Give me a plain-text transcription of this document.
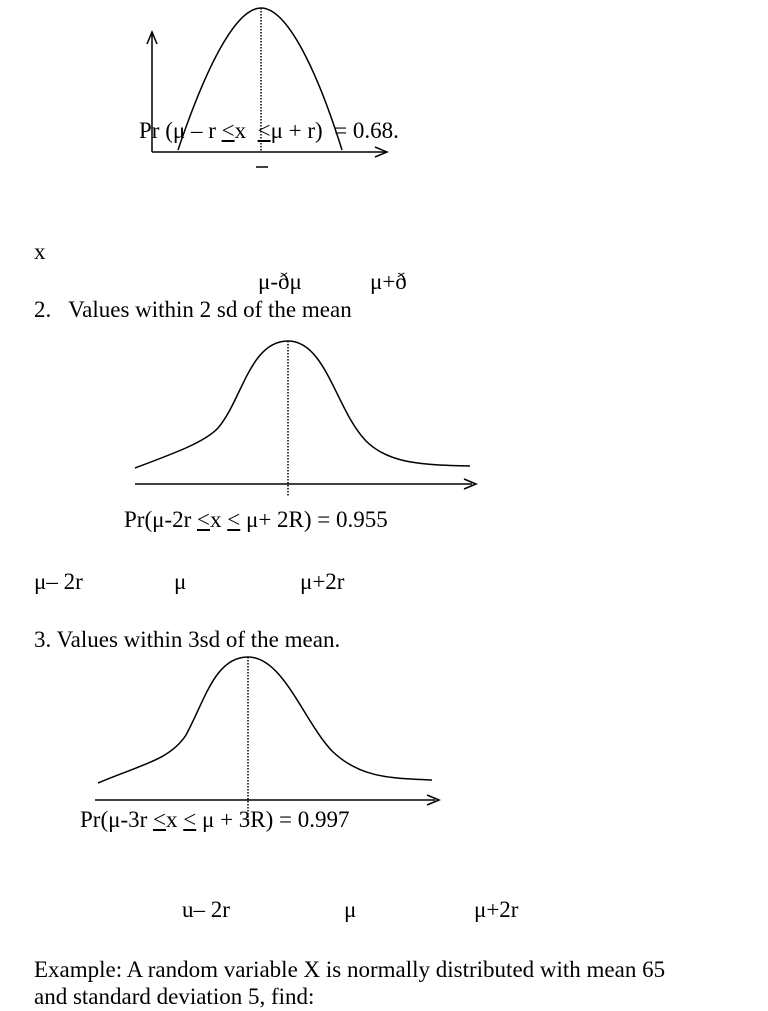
Pr (μ – r <x  <μ + r)  = 0.68.
x
μ-ðμ	μ+ð
2.   Values within 2 sd of the mean
Pr(μ-2r <x < μ+ 2R) = 0.955
μ– 2r	μ	μ+2r
3. Values within 3sd of the mean.
Pr(μ-3r <x < μ + 3R) = 0.997
u– 2r	μ	μ+2r
Example: A random variable X is normally distributed with mean 65
and standard deviation 5, find:
